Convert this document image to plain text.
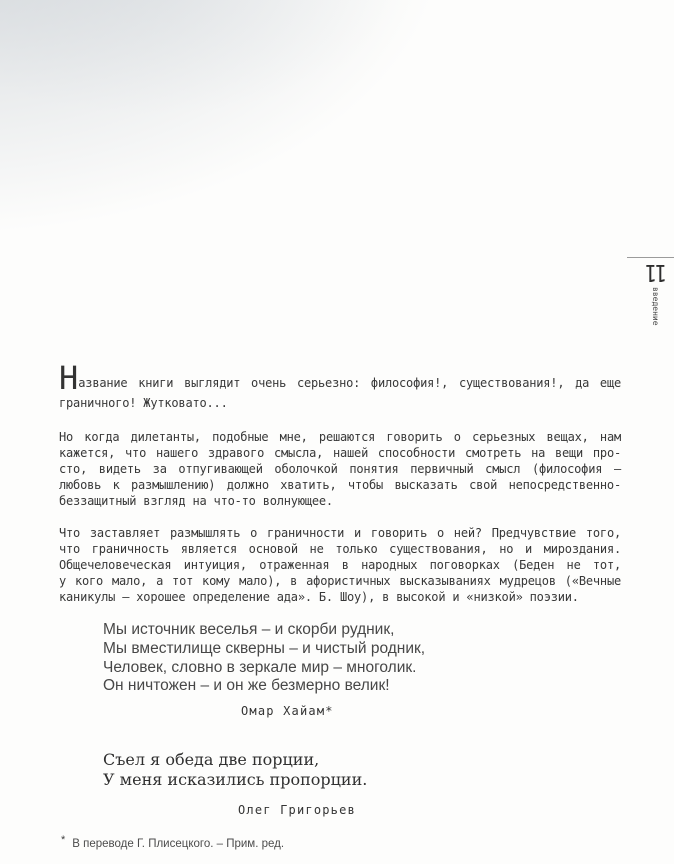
11
введение
Название книги выглядит очень серьезно: философия!, существования!, да еще
граничного! Жутковато...
Но когда дилетанты, подобные мне, решаются говорить о серьезных вещах, нам
кажется, что нашего здравого смысла, нашей способности смотреть на вещи про-
сто, видеть за отпугивающей оболочкой понятия первичный смысл (философия —
любовь к размышлению) должно хватить, чтобы высказать свой непосредственно-
беззащитный взгляд на что-то волнующее.
Что заставляет размышлять о граничности и говорить о ней? Предчувствие того,
что граничность является основой не только существования, но и мироздания.
Общечеловеческая интуиция, отраженная в народных поговорках (Беден не тот,
у кого мало, а тот кому мало), в афористичных высказываниях мудрецов («Вечные
каникулы — хорошее определение ада». Б. Шоу), в высокой и «низкой» поэзии.
Мы источник веселья – и скорби рудник,
Мы вместилище скверны – и чистый родник,
Человек, словно в зеркале мир – многолик.
Он ничтожен – и он же безмерно велик!
Омар Хайам*
Съел я обеда две порции,
У меня исказились пропорции.
Олег Григорьев
* В переводе Г. Плисецкого. – Прим. ред.
